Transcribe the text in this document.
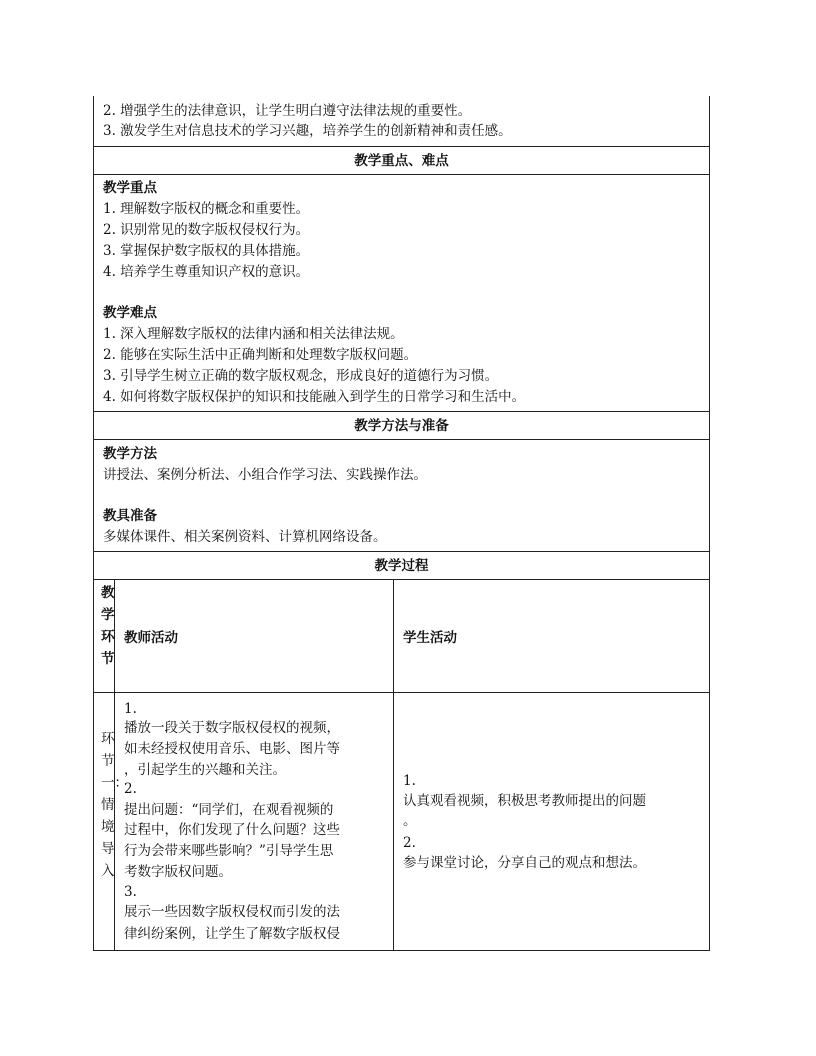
2. 增强学生的法律意识，让学生明白遵守法律法规的重要性。
3. 激发学生对信息技术的学习兴趣，培养学生的创新精神和责任感。
教学重点、难点
教学重点
1. 理解数字版权的概念和重要性。
2. 识别常见的数字版权侵权行为。
3. 掌握保护数字版权的具体措施。
4. 培养学生尊重知识产权的意识。
教学难点
1. 深入理解数字版权的法律内涵和相关法律法规。
2. 能够在实际生活中正确判断和处理数字版权问题。
3. 引导学生树立正确的数字版权观念，形成良好的道德行为习惯。
4. 如何将数字版权保护的知识和技能融入到学生的日常学习和生活中。
教学方法与准备
教学方法
讲授法、案例分析法、小组合作学习法、实践操作法。
教具准备
多媒体课件、相关案例资料、计算机网络设备。
教学过程
教学环节
教师活动	学生活动
环节一：情境导入
1.
播放一段关于数字版权侵权的视频，
如未经授权使用音乐、电影、图片等
，引起学生的兴趣和关注。
2.
提出问题：“同学们，在观看视频的
过程中，你们发现了什么问题？这些
行为会带来哪些影响？”引导学生思
考数字版权问题。
3.
展示一些因数字版权侵权而引发的法
律纠纷案例，让学生了解数字版权侵
1.
认真观看视频，积极思考教师提出的问题
。
2.
参与课堂讨论，分享自己的观点和想法。
